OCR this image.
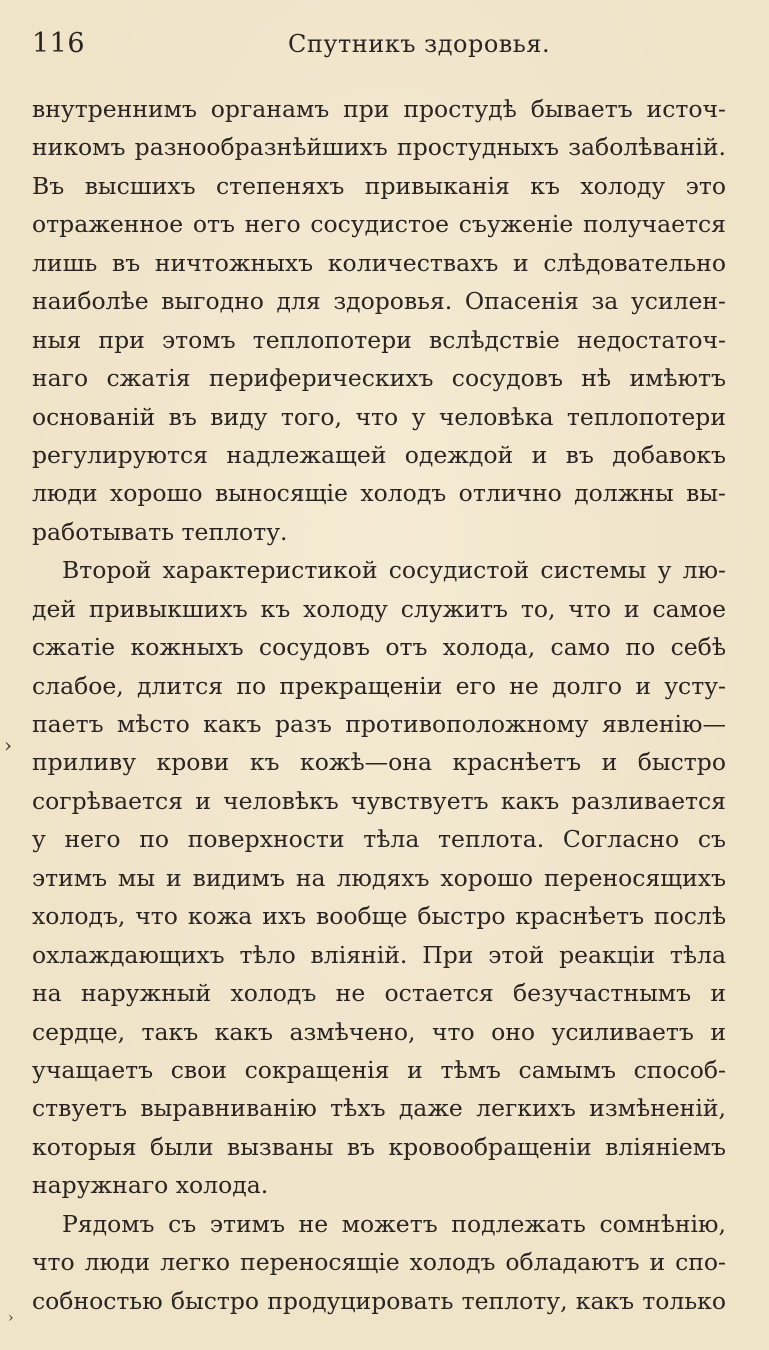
116	Спутникъ здоровья.
внутреннимъ органамъ при простудѣ бываетъ источ-
никомъ разнообразнѣйшихъ простудныхъ заболѣваній.
Въ высшихъ степеняхъ привыканія къ холоду это
отраженное отъ него сосудистое съуженіе получается
лишь въ ничтожныхъ количествахъ и слѣдовательно
наиболѣе выгодно для здоровья. Опасенія за усилен-
ныя при этомъ теплопотери вслѣдствіе недостаточ-
наго сжатія периферическихъ сосудовъ нѣ имѣютъ
основаній въ виду того, что у человѣка теплопотери
регулируются надлежащей одеждой и въ добавокъ
люди хорошо выносящіе холодъ отлично должны вы-
работывать теплоту.
Второй характеристикой сосудистой системы у лю-
дей привыкшихъ къ холоду служитъ то, что и самое
сжатіе кожныхъ сосудовъ отъ холода, само по себѣ
слабое, длится по прекращеніи его не долго и усту-
паетъ мѣсто какъ разъ противоположному явленію—
приливу крови къ кожѣ—она краснѣетъ и быстро
согрѣвается и человѣкъ чувствуетъ какъ разливается
у него по поверхности тѣла теплота. Согласно съ
этимъ мы и видимъ на людяхъ хорошо переносящихъ
холодъ, что кожа ихъ вообще быстро краснѣетъ послѣ
охлаждающихъ тѣло вліяній. При этой реакціи тѣла
на наружный холодъ не остается безучастнымъ и
сердце, такъ какъ азмѣчено, что оно усиливаетъ и
учащаетъ свои сокращенія и тѣмъ самымъ способ-
ствуетъ выравниванію тѣхъ даже легкихъ измѣненій,
которыя были вызваны въ кровообращеніи вліяніемъ
наружнаго холода.
Рядомъ съ этимъ не можетъ подлежать сомнѣнію,
что люди легко переносящіе холодъ обладаютъ и спо-
собностью быстро продуцировать теплоту, какъ только
›
›
